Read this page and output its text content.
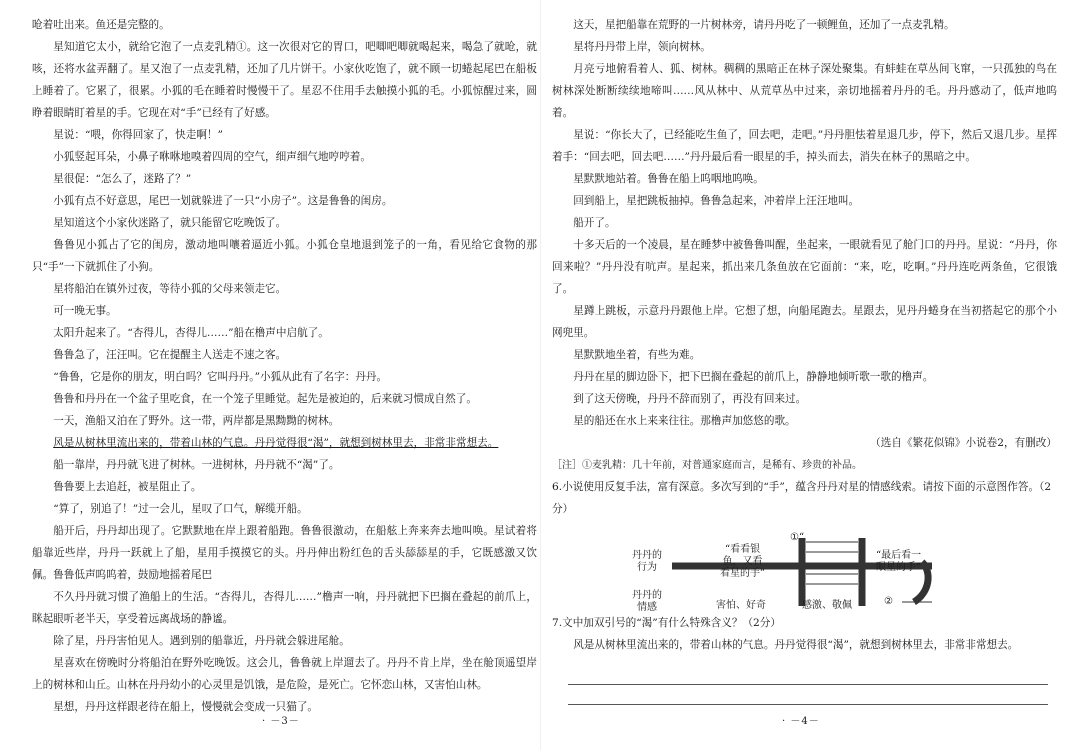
呛着吐出来。鱼还是完整的。

星知道它太小，就给它泡了一点麦乳精①。这一次很对它的胃口，吧唧吧唧就喝起来，喝急了就呛，就咳，还将水盆弄翻了。星又泡了一点麦乳精，还加了几片饼干。小家伙吃饱了，就不顾一切蜷起尾巴在船板上睡着了。它累了，很累。小狐的毛在睡着时慢慢干了。星忍不住用手去触摸小狐的毛。小狐惊醒过来，圆睁着眼睛盯着星的手。它现在对“手”已经有了好感。

星说：“喂，你得回家了，快走啊！”

小狐竖起耳朵，小鼻子咻咻地嗅着四周的空气，细声细气地哼哼着。

星很促：“怎么了，迷路了？”

小狐有点不好意思，尾巴一划就躲进了一只“小房子”。这是鲁鲁的闺房。

星知道这个小家伙迷路了，就只能留它吃晚饭了。

鲁鲁见小狐占了它的闺房，激动地叫嚷着逼近小狐。小狐仓皇地退到笼子的一角，看见给它食物的那只“手”一下就抓住了小狗。

星将船泊在镇外过夜，等待小狐的父母来领走它。

可一晚无事。

太阳升起来了。“杏得儿，杏得儿……”船在橹声中启航了。

鲁鲁急了，汪汪叫。它在提醒主人送走不速之客。

“鲁鲁，它是你的朋友，明白吗？它叫丹丹。”小狐从此有了名字：丹丹。

鲁鲁和丹丹在一个盆子里吃食，在一个笼子里睡觉。起先是被迫的，后来就习惯成自然了。

一天，渔船又泊在了野外。这一带，两岸都是黑黝黝的树林。

风是从树林里流出来的，带着山林的气息。丹丹觉得很“渴”，就想到树林里去，非常非常想去。

船一靠岸，丹丹就飞进了树林。一进树林，丹丹就不“渴”了。

鲁鲁要上去追赶，被星阻止了。

“算了，别追了！”过一会儿，星叹了口气，解缆开船。

船开后，丹丹却出现了。它默默地在岸上跟着船跑。鲁鲁很激动，在船舷上奔来奔去地叫唤。星试着将船靠近些岸，丹丹一跃就上了船，星用手摸摸它的头。丹丹伸出粉红色的舌头舔舔星的手，它既感激又饮佩。鲁鲁低声呜呜着，鼓励地摇着尾巴

不久丹丹就习惯了渔船上的生活。“杏得儿，杏得儿……”橹声一响，丹丹就把下巴搁在叠起的前爪上，眯起眼听老半天，享受着远离战场的静谧。

除了星，丹丹害怕见人。遇到别的船靠近，丹丹就会躲进尾舱。

星喜欢在傍晚时分将船泊在野外吃晚饭。这会儿，鲁鲁就上岸遛去了。丹丹不肯上岸，坐在舱顶遥望岸上的树林和山丘。山林在丹丹幼小的心灵里是饥饿，是危险，是死亡。它怀恋山林，又害怕山林。

星想，丹丹这样跟老待在船上，慢慢就会变成一只猫了。

这天，星把船靠在荒野的一片树林旁，请丹丹吃了一顿鲤鱼，还加了一点麦乳精。

星将丹丹带上岸，领向树林。

月亮亏地俯看着人、狐、树林。稠稠的黑暗正在林子深处聚集。有蚌蛙在草丛间飞窜，一只孤独的鸟在树林深处断断续续地啼叫……风从林中、从荒草丛中过来，亲切地摇着丹丹的毛。丹丹感动了，低声地呜着。

星说：“你长大了，已经能吃生鱼了，回去吧，走吧。”丹丹胆怯着星退几步，停下，然后又退几步。星挥着手：“回去吧，回去吧……”丹丹最后看一眼星的手，掉头而去，消失在林子的黑暗之中。

星默默地站着。鲁鲁在船上呜咽地呜唤。

回到船上，星把跳板抽掉。鲁鲁急起来，冲着岸上汪汪地叫。

船开了。

十多天后的一个凌晨，星在睡梦中被鲁鲁叫醒，坐起来，一眼就看见了舱门口的丹丹。星说：“丹丹，你回来啦？”丹丹没有吭声。星起来，抓出来几条鱼放在它面前：“来，吃，吃啊。”丹丹连吃两条鱼，它很饿了。

星蹲上跳板，示意丹丹跟他上岸。它想了想，向船尾跑去。星跟去，见丹丹蜷身在当初搭起它的那个小网兜里。

星默默地坐着，有些为难。

丹丹在星的脚边卧下，把下巴搁在叠起的前爪上，静静地倾听歌一歌的橹声。

到了这天傍晚，丹丹不辞而别了，再没有回来过。

星的船还在水上来来往往。那橹声加悠悠的歌。

（选自《繁花似锦》小说卷2，有删改）

［注］①麦乳精：几十年前，对普通家庭而言，是稀有、珍贵的补品。

6.小说使用反复手法，富有深意。多次写到的“手”，蕴含丹丹对星的情感线索。请按下面的示意图作答。（2分）

7.文中加双引号的“渴”有什么特殊含义？（2分）

风是从树林里流出来的，带着山林的气息。丹丹觉得很“渴”，就想到树林里去，非常非常想去。

· －3－	· －4－
丹丹的
行为
丹丹的
情感
“看看银
鱼，又看
看星的手”
“最后看一
眼星的手”
①“
②
害怕、好奇	感激、敬佩
